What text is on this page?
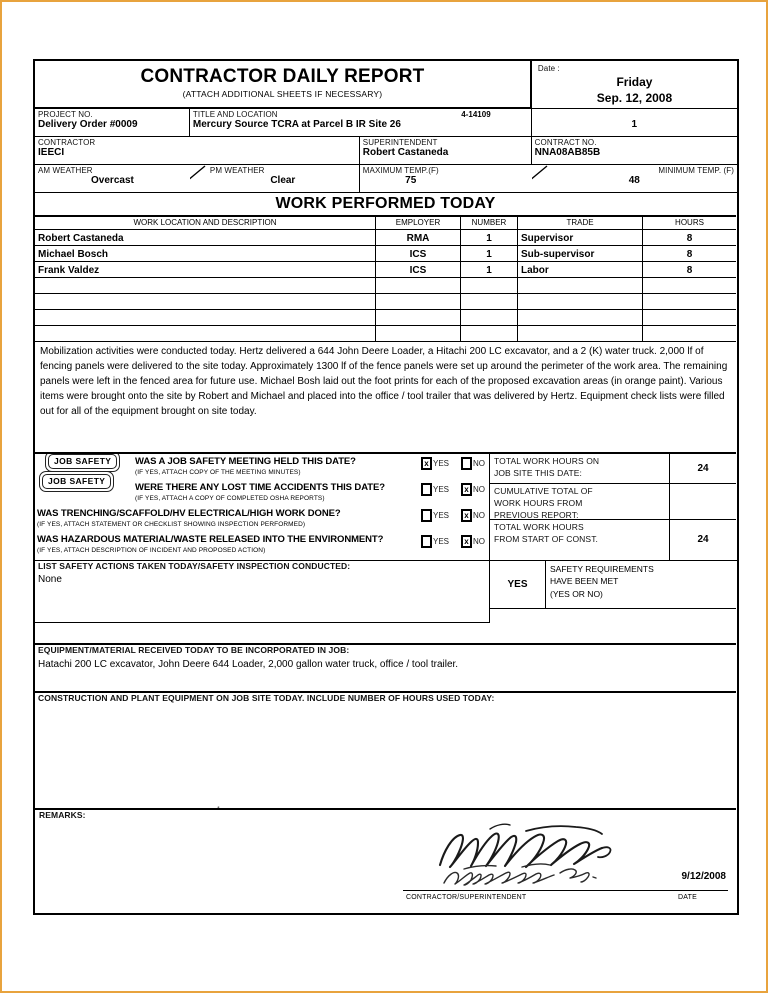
CONTRACTOR DAILY REPORT
(ATTACH ADDITIONAL SHEETS IF NECESSARY)
Date :
Friday
Sep. 12, 2008
PROJECT NO.
Delivery Order #0009
TITLE AND LOCATION
Mercury Source TCRA at Parcel B IR Site 26
4-14109
1
CONTRACTOR
IEECI
SUPERINTENDENT
Robert Castaneda
CONTRACT NO.
NNA08AB85B
AM WEATHER
Overcast
PM WEATHER
Clear
MAXIMUM TEMP.(F)
75
MINIMUM TEMP. (F)
48
WORK PERFORMED TODAY
WORK LOCATION AND DESCRIPTION	EMPLOYER	NUMBER	TRADE	HOURS
Robert Castaneda	RMA	1	Supervisor	8
Michael Bosch	ICS	1	Sub-supervisor	8
Frank Valdez	ICS	1	Labor	8
Mobilization activities were conducted today. Hertz delivered a 644 John Deere Loader, a Hitachi 200 LC excavator, and a 2 (K) water truck. 2,000 lf of fencing panels were delivered to the site today. Approximately 1300 lf of the fence panels were set up around the perimeter of the work area. The remaining panels were left in the fenced area for future use. Michael Bosh laid out the foot prints for each of the proposed excavation areas (in orange paint). Various items were brought onto the site by Robert and Michael and placed into the office / tool trailer that was delivered by Hertz. Equipment check lists were filled out for all of the equipment brought on site today.
JOB SAFETY
JOB SAFETY
WAS A JOB SAFETY MEETING HELD THIS DATE?
(IF YES, ATTACH COPY OF THE MEETING MINUTES)
x YES	NO
WERE THERE ANY LOST TIME ACCIDENTS THIS DATE?
(IF YES, ATTACH A COPY OF COMPLETED OSHA REPORTS)
YES x NO
WAS TRENCHING/SCAFFOLD/HV ELECTRICAL/HIGH WORK DONE?
(IF YES, ATTACH STATEMENT OR CHECKLIST SHOWING INSPECTION PERFORMED)
YES x NO
WAS HAZARDOUS MATERIAL/WASTE RELEASED INTO THE ENVIRONMENT?
(IF YES, ATTACH DESCRIPTION OF INCIDENT AND PROPOSED ACTION)
YES x NO
TOTAL WORK HOURS ON
JOB SITE THIS DATE:	24
CUMULATIVE TOTAL OF
WORK HOURS FROM
PREVIOUS REPORT:
TOTAL WORK HOURS
FROM START OF CONST.	24
LIST SAFETY ACTIONS TAKEN TODAY/SAFETY INSPECTION CONDUCTED:
None	YES
SAFETY REQUIREMENTS
HAVE BEEN MET
(YES OR NO)
EQUIPMENT/MATERIAL RECEIVED TODAY TO BE INCORPORATED IN JOB:
Hatachi 200 LC excavator, John Deere 644 Loader, 2,000 gallon water truck, office / tool trailer.
CONSTRUCTION AND PLANT EQUIPMENT ON JOB SITE TODAY. INCLUDE NUMBER OF HOURS USED TODAY:
*
REMARKS:
9/12/2008
CONTRACTOR/SUPERINTENDENT	DATE
